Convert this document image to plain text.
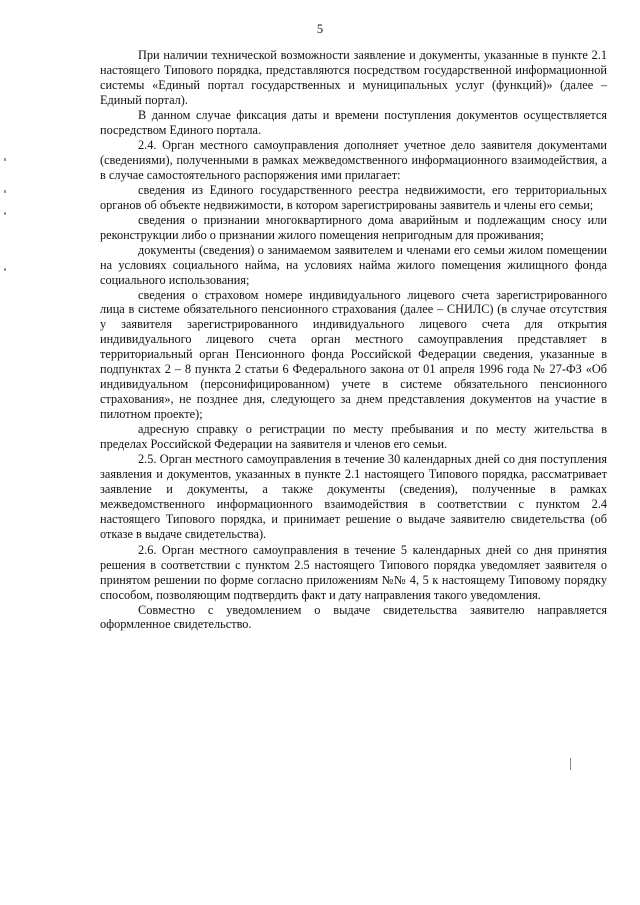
5

При наличии технической возможности заявление и документы, указанные в пункте 2.1 настоящего Типового порядка, представляются посредством государственной информационной системы «Единый портал государственных и муниципальных услуг (функций)» (далее – Единый портал).

В данном случае фиксация даты и времени поступления документов осуществляется посредством Единого портала.

2.4. Орган местного самоуправления дополняет учетное дело заявителя документами (сведениями), полученными в рамках межведомственного информационного взаимодействия, а в случае самостоятельного распоряжения ими прилагает:

сведения из Единого государственного реестра недвижимости, его территориальных органов об объекте недвижимости, в котором зарегистрированы заявитель и члены его семьи;

сведения о признании многоквартирного дома аварийным и подлежащим сносу или реконструкции либо о признании жилого помещения непригодным для проживания;

документы (сведения) о занимаемом заявителем и членами его семьи жилом помещении на условиях социального найма, на условиях найма жилого помещения жилищного фонда социального использования;

сведения о страховом номере индивидуального лицевого счета зарегистрированного лица в системе обязательного пенсионного страхования (далее – СНИЛС) (в случае отсутствия у заявителя зарегистрированного индивидуального лицевого счета для открытия индивидуального лицевого счета орган местного самоуправления представляет в территориальный орган Пенсионного фонда Российской Федерации сведения, указанные в подпунктах 2 – 8 пункта 2 статьи 6 Федерального закона от 01 апреля 1996 года № 27-ФЗ «Об индивидуальном (персонифицированном) учете в системе обязательного пенсионного страхования», не позднее дня, следующего за днем представления документов на участие в пилотном проекте);

адресную справку о регистрации по месту пребывания и по месту жительства в пределах Российской Федерации на заявителя и членов его семьи.

2.5. Орган местного самоуправления в течение 30 календарных дней со дня поступления заявления и документов, указанных в пункте 2.1 настоящего Типового порядка, рассматривает заявление и документы, а также документы (сведения), полученные в рамках межведомственного информационного взаимодействия в соответствии с пунктом 2.4 настоящего Типового порядка, и принимает решение о выдаче заявителю свидетельства (об отказе в выдаче свидетельства).

2.6. Орган местного самоуправления в течение 5 календарных дней со дня принятия решения в соответствии с пунктом 2.5 настоящего Типового порядка уведомляет заявителя о принятом решении по форме согласно приложениям №№ 4, 5 к настоящему Типовому порядку способом, позволяющим подтвердить факт и дату направления такого уведомления.

Совместно с уведомлением о выдаче свидетельства заявителю направляется оформленное свидетельство.
